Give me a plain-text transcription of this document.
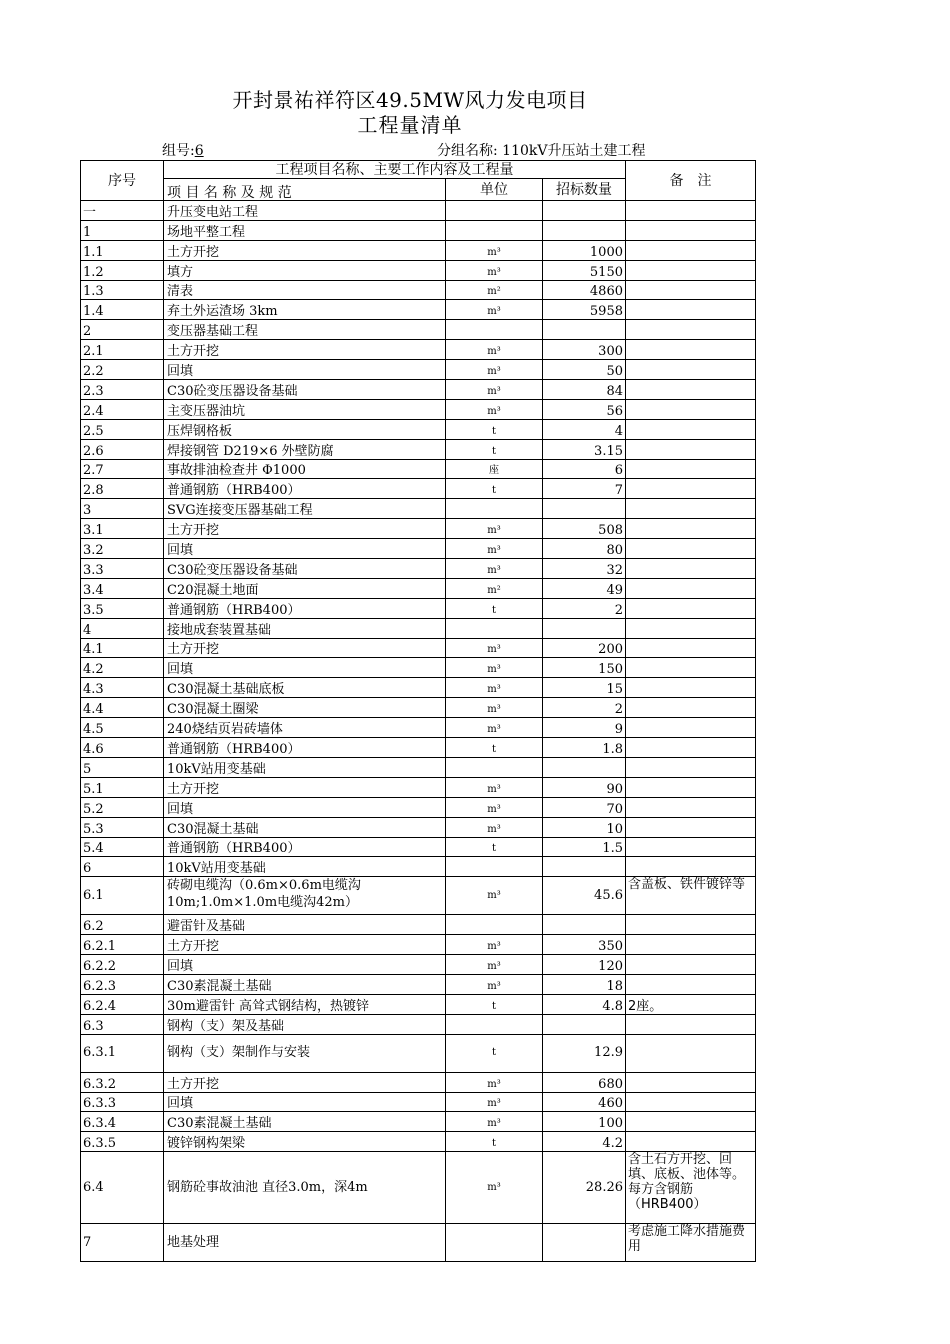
开封景祐祥符区49.5MW风力发电项目
工程量清单
组号:6	分组名称: 110kV升压站土建工程
序号	工程项目名称、主要工作内容及工程量			备　注
	项 目 名 称 及 规 范	单位	招标数量	
一	升压变电站工程			
1	场地平整工程			
1.1	土方开挖	m³	1000	
1.2	填方	m³	5150	
1.3	清表	m²	4860	
1.4	弃土外运渣场 3km	m³	5958	
2	变压器基础工程			
2.1	土方开挖	m³	300	
2.2	回填	m³	50	
2.3	C30砼变压器设备基础	m³	84	
2.4	主变压器油坑	m³	56	
2.5	压焊钢格板	t	4	
2.6	焊接钢管 D219×6 外壁防腐	t	3.15	
2.7	事故排油检查井 Φ1000	座	6	
2.8	普通钢筋（HRB400）	t	7	
3	SVG连接变压器基础工程			
3.1	土方开挖	m³	508	
3.2	回填	m³	80	
3.3	C30砼变压器设备基础	m³	32	
3.4	C20混凝土地面	m²	49	
3.5	普通钢筋（HRB400）	t	2	
4	接地成套装置基础			
4.1	土方开挖	m³	200	
4.2	回填	m³	150	
4.3	C30混凝土基础底板	m³	15	
4.4	C30混凝土圈梁	m³	2	
4.5	240烧结页岩砖墙体	m³	9	
4.6	普通钢筋（HRB400）	t	1.8	
5	10kV站用变基础			
5.1	土方开挖	m³	90	
5.2	回填	m³	70	
5.3	C30混凝土基础	m³	10	
5.4	普通钢筋（HRB400）	t	1.5	
6	10kV站用变基础			
6.1	砖砌电缆沟（0.6m×0.6m电缆沟10m;1.0m×1.0m电缆沟42m）	m³	45.6	含盖板、铁件镀锌等
6.2	避雷针及基础			
6.2.1	土方开挖	m³	350	
6.2.2	回填	m³	120	
6.2.3	C30素混凝土基础	m³	18	
6.2.4	30m避雷针 高耸式钢结构，热镀锌	t	4.8	2座。
6.3	钢构（支）架及基础			
6.3.1	钢构（支）架制作与安装	t	12.9	
6.3.2	土方开挖	m³	680	
6.3.3	回填	m³	460	
6.3.4	C30素混凝土基础	m³	100	
6.3.5	镀锌钢构架梁	t	4.2	
6.4	钢筋砼事故油池 直径3.0m，深4m	m³	28.26	含土石方开挖、回填、底板、池体等。每方含钢筋（HRB400）
7	地基处理			考虑施工降水措施费用
